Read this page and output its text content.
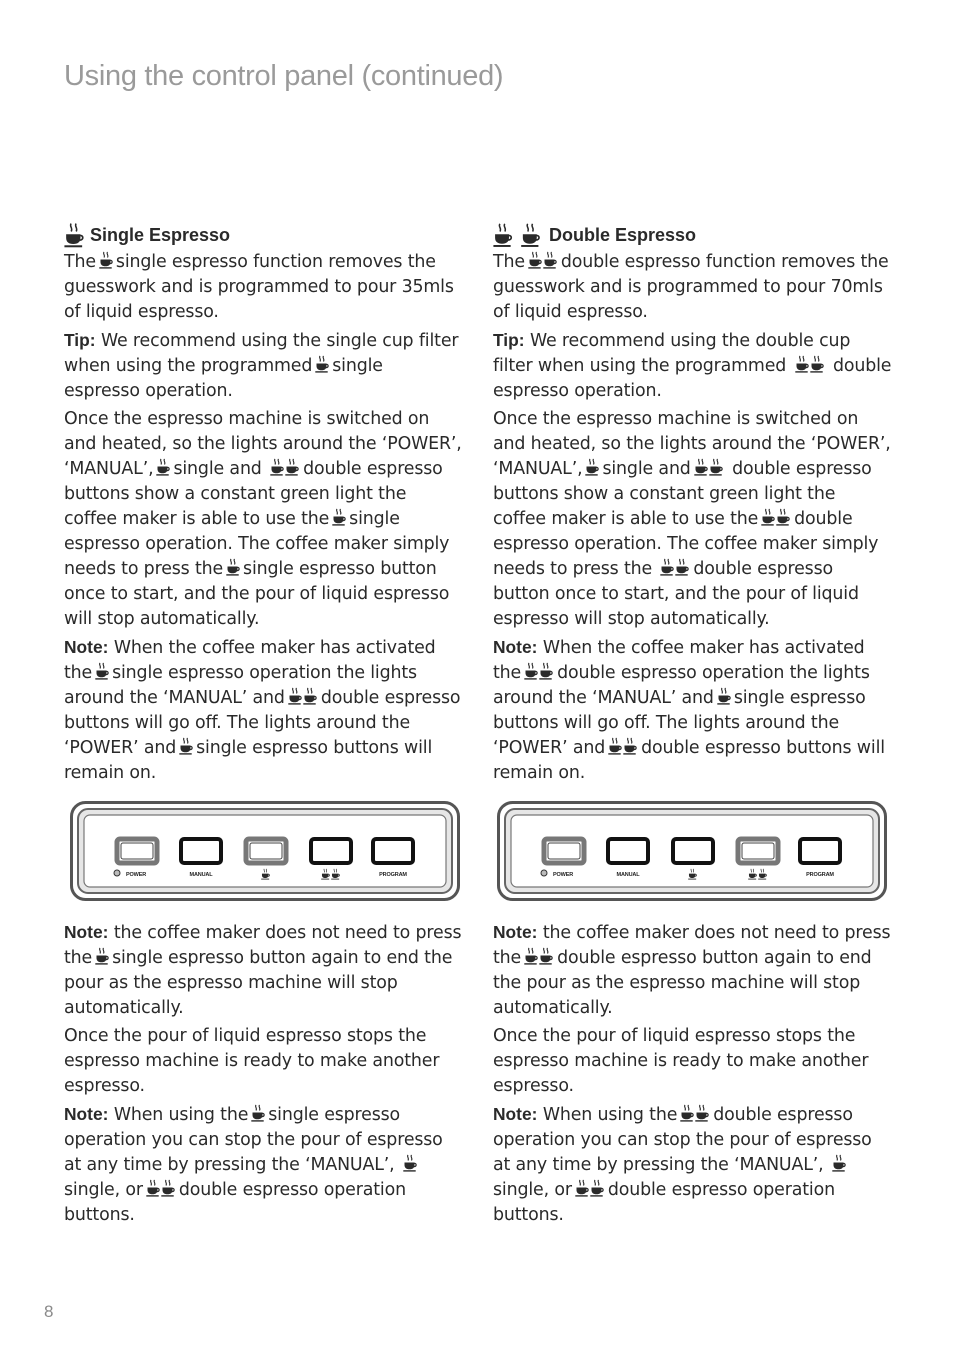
Using the control panel (continued)
Single Espresso

The single espresso function removes the guesswork and is programmed to pour 35mls of liquid espresso.

Tip: We recommend using the single cup filter when using the programmed single espresso operation.

Once the espresso machine is switched on and heated, so the lights around the ‘POWER’, ‘MANUAL’, single and double espresso buttons show a constant green light the coffee maker is able to use the single espresso operation. The coffee maker simply needs to press the single espresso button once to start, and the pour of liquid espresso will stop automatically.

Note: When the coffee maker has activated the single espresso operation the lights around the ‘MANUAL’ and double espresso buttons will go off. The lights around the ‘POWER’ and single espresso buttons will remain on.

POWER	MANUAL	PROGRAM

Note: the coffee maker does not need to press the single espresso button again to end the pour as the espresso machine will stop automatically.

Once the pour of liquid espresso stops the espresso machine is ready to make another espresso.

Note: When using the single espresso operation you can stop the pour of espresso at any time by pressing the ‘MANUAL’,
single, or double espresso operation buttons.

Double Espresso

The double espresso function removes the guesswork and is programmed to pour 70mls of liquid espresso.

Tip: We recommend using the double cup filter when using the programmed	double espresso operation.

Once the espresso machine is switched on and heated, so the lights around the ‘POWER’, ‘MANUAL’, single and double espresso buttons show a constant green light the coffee maker is able to use the double espresso operation. The coffee maker simply needs to press the double espresso button once to start, and the pour of liquid espresso will stop automatically.

Note: When the coffee maker has activated the double espresso operation the lights around the ‘MANUAL’ and single espresso buttons will go off. The lights around the ‘POWER’ and double espresso buttons will remain on.

POWER	MANUAL	PROGRAM

Note: the coffee maker does not need to press the double espresso button again to end the pour as the espresso machine will stop automatically.

Once the pour of liquid espresso stops the espresso machine is ready to make another espresso.

Note: When using the double espresso operation you can stop the pour of espresso at any time by pressing the ‘MANUAL’,
single, or double espresso operation buttons.

8
